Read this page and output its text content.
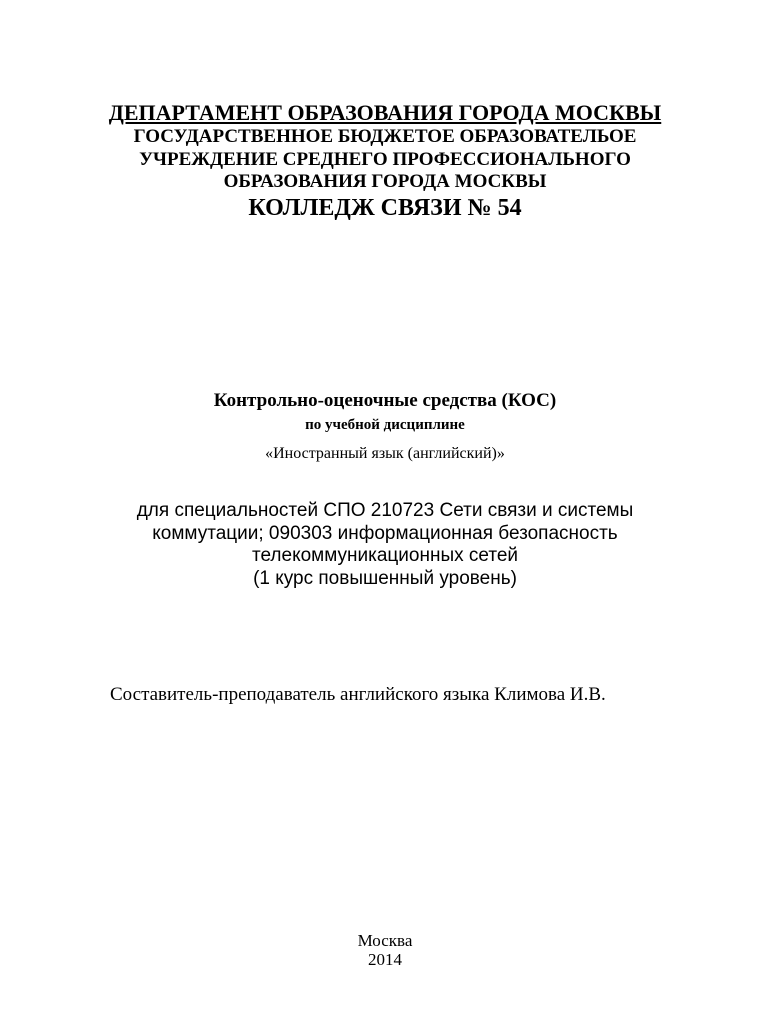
ДЕПАРТАМЕНТ ОБРАЗОВАНИЯ ГОРОДА МОСКВЫ
ГОСУДАРСТВЕННОЕ БЮДЖЕТОЕ ОБРАЗОВАТЕЛЬОЕ
УЧРЕЖДЕНИЕ СРЕДНЕГО ПРОФЕССИОНАЛЬНОГО
ОБРАЗОВАНИЯ ГОРОДА МОСКВЫ
КОЛЛЕДЖ СВЯЗИ № 54
Контрольно-оценочные средства (КОС)
по учебной дисциплине
«Иностранный язык (английский)»
для специальностей СПО 210723 Сети связи и системы
коммутации; 090303 информационная безопасность
телекоммуникационных сетей
(1 курс повышенный уровень)
Составитель-преподаватель английского языка Климова И.В.
Москва
2014
